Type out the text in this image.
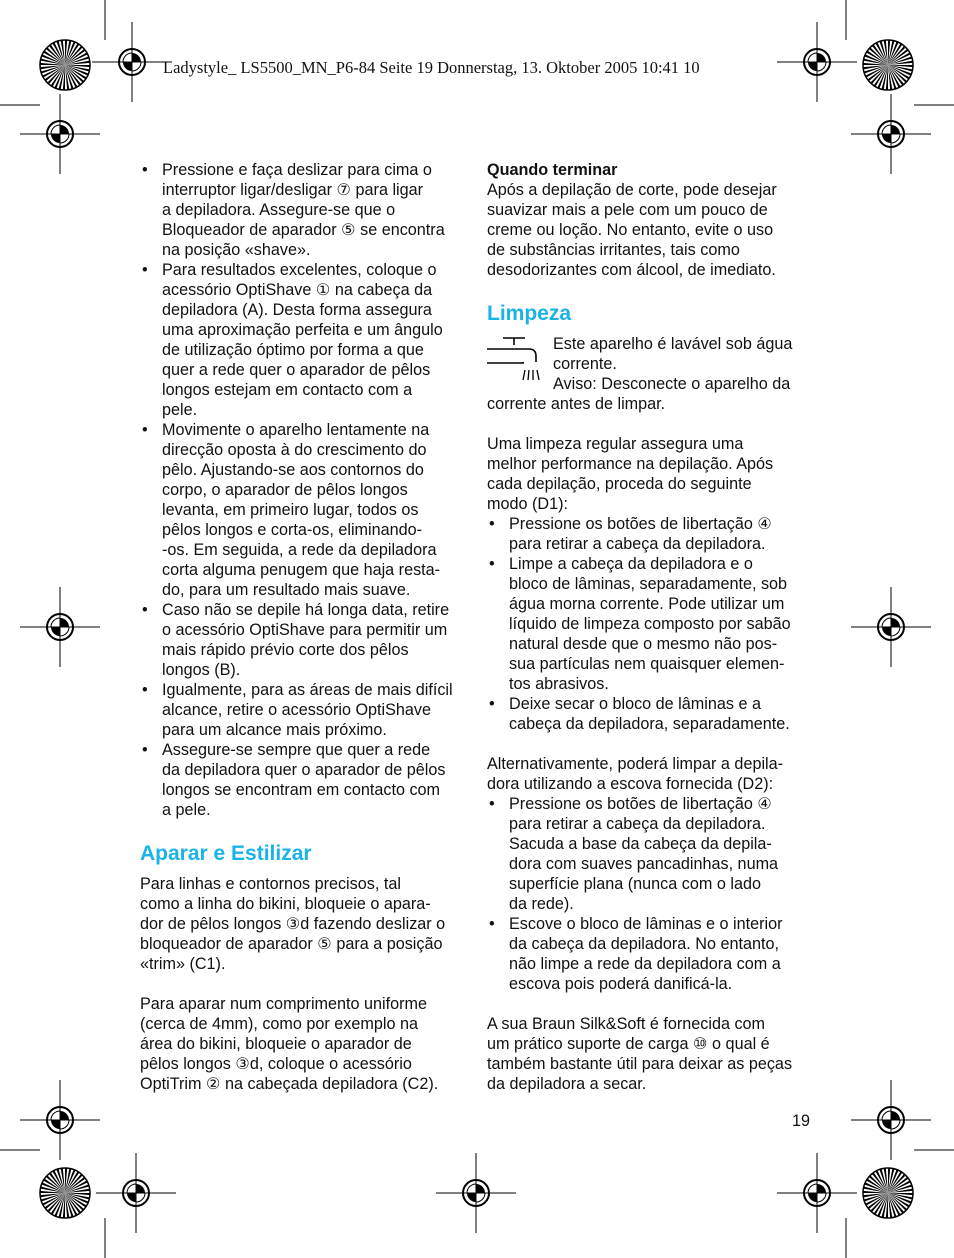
Ladystyle_ LS5500_MN_P6-84 Seite 19 Donnerstag, 13. Oktober 2005 10:41 10
• Pressione e faça deslizar para cima o
interruptor ligar/desligar ⑦ para ligar
a depiladora. Assegure-se que o
Bloqueador de aparador ⑤ se encontra
na posição «shave».
• Para resultados excelentes, coloque o
acessório OptiShave ① na cabeça da
depiladora (A). Desta forma assegura
uma aproximação perfeita e um ângulo
de utilização óptimo por forma a que
quer a rede quer o aparador de pêlos
longos estejam em contacto com a
pele.
• Movimente o aparelho lentamente na
direcção oposta à do crescimento do
pêlo. Ajustando-se aos contornos do
corpo, o aparador de pêlos longos
levanta, em primeiro lugar, todos os
pêlos longos e corta-os, eliminando-
-os. Em seguida, a rede da depiladora
corta alguma penugem que haja resta-
do, para um resultado mais suave.
• Caso não se depile há longa data, retire
o acessório OptiShave para permitir um
mais rápido prévio corte dos pêlos
longos (B).
• Igualmente, para as áreas de mais difícil
alcance, retire o acessório OptiShave
para um alcance mais próximo.
• Assegure-se sempre que quer a rede
da depiladora quer o aparador de pêlos
longos se encontram em contacto com
a pele.
Aparar e Estilizar
Para linhas e contornos precisos, tal
como a linha do bikini, bloqueie o apara-
dor de pêlos longos ③d fazendo deslizar o
bloqueador de aparador ⑤ para a posição
«trim» (C1).
Para aparar num comprimento uniforme
(cerca de 4mm), como por exemplo na
área do bikini, bloqueie o aparador de
pêlos longos ③d, coloque o acessório
OptiTrim ② na cabeçada depiladora (C2).
Quando terminar
Após a depilação de corte, pode desejar
suavizar mais a pele com um pouco de
creme ou loção. No entanto, evite o uso
de substâncias irritantes, tais como
desodorizantes com álcool, de imediato.
Limpeza
Este aparelho é lavável sob água
corrente.
Aviso: Desconecte o aparelho da
corrente antes de limpar.
Uma limpeza regular assegura uma
melhor performance na depilação. Após
cada depilação, proceda do seguinte
modo (D1):
• Pressione os botões de libertação ④
para retirar a cabeça da depiladora.
• Limpe a cabeça da depiladora e o
bloco de lâminas, separadamente, sob
água morna corrente. Pode utilizar um
líquido de limpeza composto por sabão
natural desde que o mesmo não pos-
sua partículas nem quaisquer elemen-
tos abrasivos.
• Deixe secar o bloco de lâminas e a
cabeça da depiladora, separadamente.
Alternativamente, poderá limpar a depila-
dora utilizando a escova fornecida (D2):
• Pressione os botões de libertação ④
para retirar a cabeça da depiladora.
Sacuda a base da cabeça da depila-
dora com suaves pancadinhas, numa
superfície plana (nunca com o lado
da rede).
• Escove o bloco de lâminas e o interior
da cabeça da depiladora. No entanto,
não limpe a rede da depiladora com a
escova pois poderá danificá-la.
A sua Braun Silk&Soft é fornecida com
um prático suporte de carga ⑩ o qual é
também bastante útil para deixar as peças
da depiladora a secar.
19
